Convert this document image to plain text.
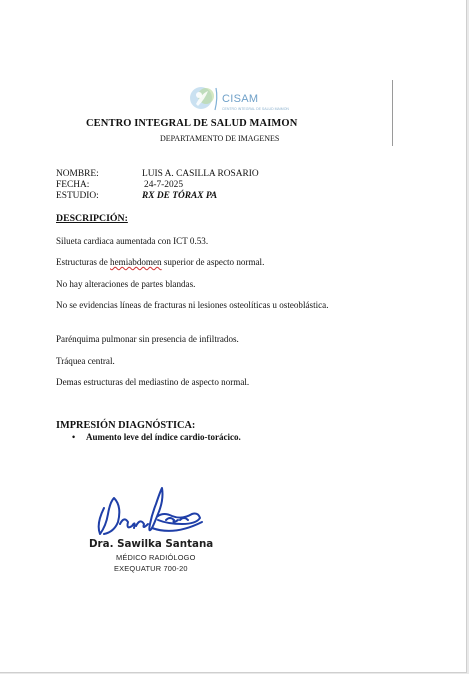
CISAM
CENTRO INTEGRAL DE SALUD MAIMON
CENTRO INTEGRAL DE SALUD MAIMON
DEPARTAMENTO DE IMAGENES
NOMBRE:	LUIS A. CASILLA ROSARIO
FECHA:	24-7-2025
ESTUDIO:	RX DE TÓRAX PA
DESCRIPCIÓN:
Silueta cardiaca aumentada con ICT 0.53.
Estructuras de hemiabdomen superior de aspecto normal.
No hay alteraciones de partes blandas.
No se evidencias líneas de fracturas ni lesiones osteolíticas u osteoblástica.
Parénquima pulmonar sin presencia de infiltrados.
Tráquea central.
Demas estructuras del mediastino de aspecto normal.
IMPRESIÓN DIAGNÓSTICA:
• Aumento leve del índice cardio-torácico.
Dra. Sawilka Santana
MÉDICO RADIÓLOGO
EXEQUATUR 700-20
